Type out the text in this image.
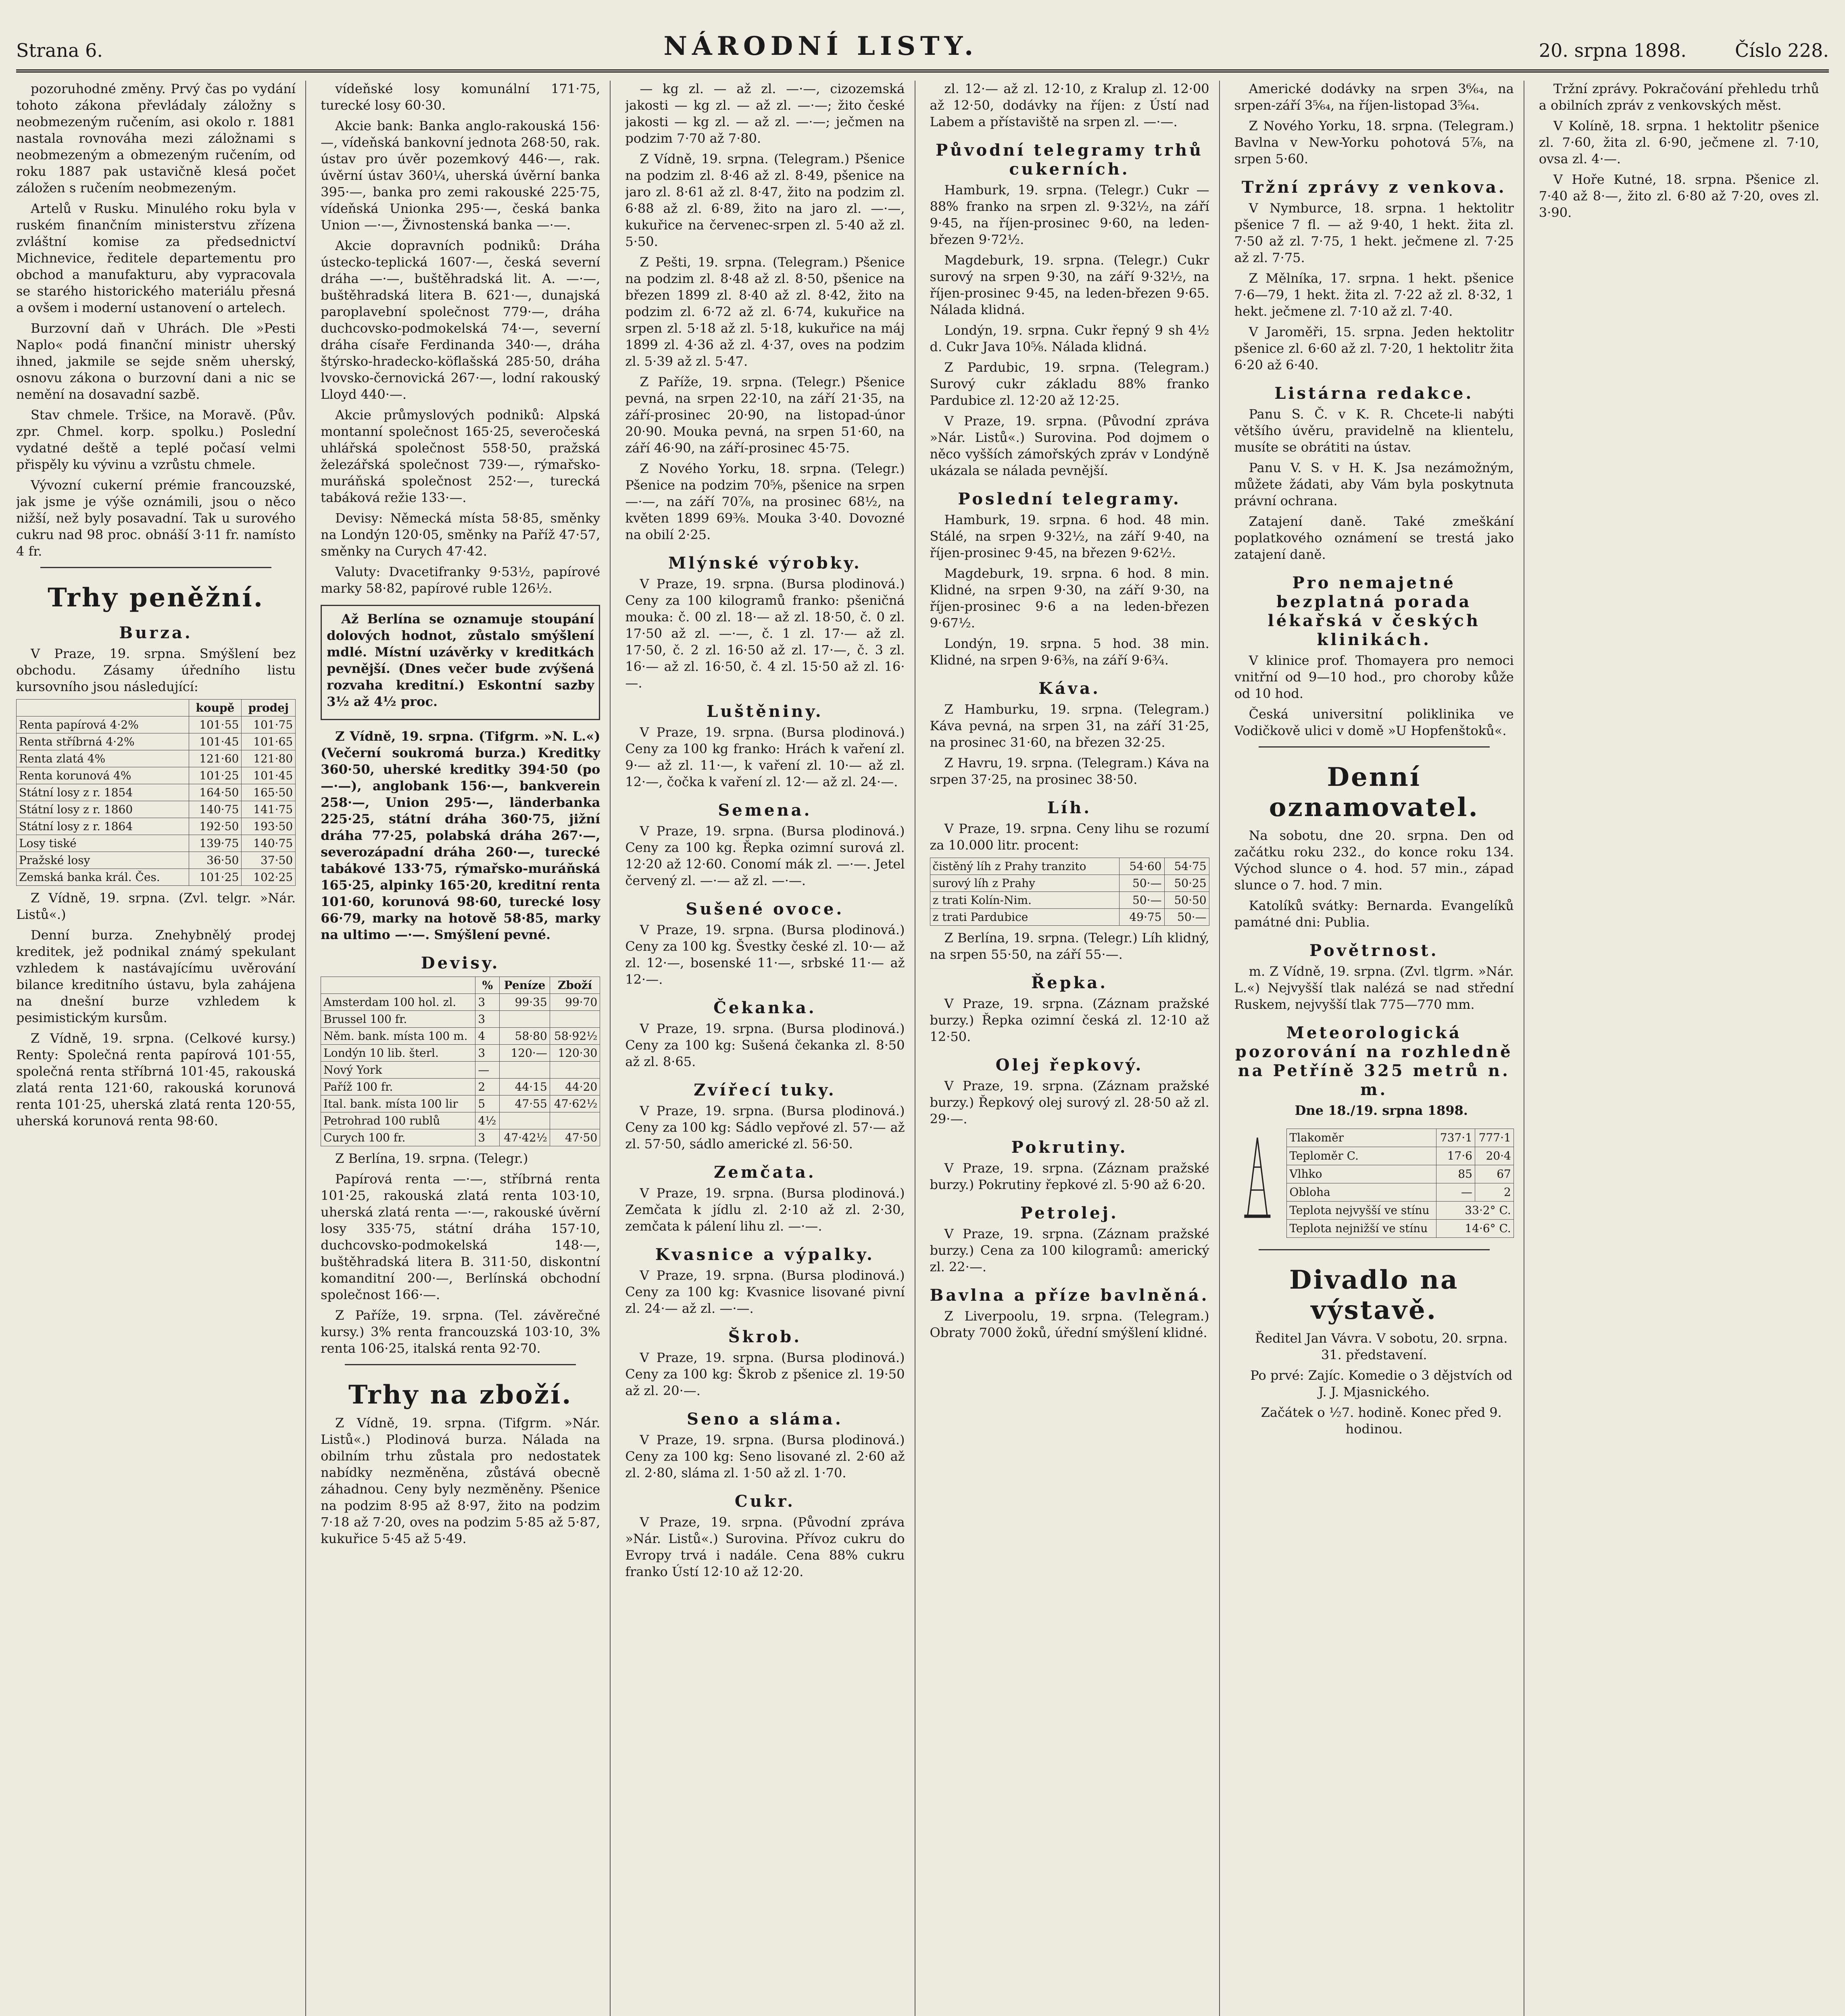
Strana 6.	NÁRODNÍ LISTY.	20. srpna 1898.	Číslo 228.

pozoruhodné změny. Prvý čas po vydání tohoto zákona převládaly záložny s neobmezeným ručením, asi okolo r. 1881 nastala rovnováha mezi záložnami s neobmezeným a obmezeným ručením, od roku 1887 pak ustavičně klesá počet záložen s ručením neobmezeným.

Artelů v Rusku. Minulého roku byla v ruském finančním ministerstvu zřízena zvláštní komise za předsednictví Michnevice, ředitele departementu pro obchod a manufakturu, aby vypracovala se starého historického materiálu přesná a ovšem i moderní ustanovení o artelech.

Burzovní daň v Uhrách. Dle »Pesti Naplo« podá finanční ministr uherský ihned, jakmile se sejde sněm uherský, osnovu zákona o burzovní dani a nic se nemění na dosavadní sazbě.

Stav chmele. Tršice, na Moravě. (Pův. zpr. Chmel. korp. spolku.) Poslední vydatné deště a teplé počasí velmi přispěly ku vývinu a vzrůstu chmele.

Vývozní cukerní prémie francouzské, jak jsme je výše oznámili, jsou o něco nižší, než byly posavadní. Tak u surového cukru nad 98 proc. obnáší 3·11 fr. namísto 4 fr.

Trhy peněžní.
Burza.

V Praze, 19. srpna. Smýšlení bez obchodu. Zásamy úředního listu kursovního jsou následující:

	koupě	prodej
Renta papírová 4·2%	101·55	101·75
Renta stříbrná 4·2%	101·45	101·65
Renta zlatá 4%	121·60	121·80
Renta korunová 4%	101·25	101·45
Státní losy z r. 1854	164·50	165·50
Státní losy z r. 1860	140·75	141·75
Státní losy z r. 1864	192·50	193·50
Losy tiské	139·75	140·75
Pražské losy	36·50	37·50
Zemská banka král. Čes.	101·25	102·25

Z Vídně, 19. srpna. (Zvl. telgr. »Nár. Listů«.)

Denní burza. Znehybnělý prodej kreditek, jež podnikal známý spekulant vzhledem k nastávajícímu uvěrování bilance kreditního ústavu, byla zahájena na dnešní burze vzhledem k pesimistickým kursům.

Z Vídně, 19. srpna. (Celkové kursy.) Renty: Společná renta papírová 101·55, společná renta stříbrná 101·45, rakouská zlatá renta 121·60, rakouská korunová renta 101·25, uherská zlatá renta 120·55, uherská korunová renta 98·60.

vídeňské losy komunální 171·75, turecké losy 60·30.

Akcie bank: Banka anglo-rakouská 156·—, vídeňská bankovní jednota 268·50, rak. ústav pro úvěr pozemkový 446·—, rak. úvěrní ústav 360¼, uherská úvěrní banka 395·—, banka pro zemi rakouské 225·75, vídeňská Unionka 295·—, česká banka Union —·—, Živnostenská banka —·—.

Akcie dopravních podniků: Dráha ústecko-teplická 1607·—, česká severní dráha —·—, buštěhradská lit. A. —·—, buštěhradská litera B. 621·—, dunajská paroplavební společnost 779·—, dráha duchcovsko-podmokelská 74·—, severní dráha císaře Ferdinanda 340·—, dráha štýrsko-hradecko-köflašská 285·50, dráha lvovsko-černovická 267·—, lodní rakouský Lloyd 440·—.

Akcie průmyslových podniků: Alpská montanní společnost 165·25, severočeská uhlářská společnost 558·50, pražská železářská společnost 739·—, rýmařsko-muráňská společnost 252·—, turecká tabáková režie 133·—.

Devisy: Německá místa 58·85, směnky na Londýn 120·05, směnky na Paříž 47·57, směnky na Curych 47·42.

Valuty: Dvacetifranky 9·53½, papírové marky 58·82, papírové ruble 126½.

Až Berlína se oznamuje stoupání dolových hodnot, zůstalo smýšlení mdlé. Místní uzávěrky v kreditkách pevnější. (Dnes večer bude zvýšená rozvaha kreditní.) Eskontní sazby 3½ až 4½ proc.

Z Vídně, 19. srpna. (Tifgrm. »N. L.«) (Večerní soukromá burza.) Kreditky 360·50, uherské kreditky 394·50 (po —·—), anglobank 156·—, bankverein 258·—, Union 295·—, länderbanka 225·25, státní dráha 360·75, jižní dráha 77·25, polabská dráha 267·—, severozápadní dráha 260·—, turecké tabákové 133·75, rýmařsko-muráňská 165·25, alpinky 165·20, kreditní renta 101·60, korunová 98·60, turecké losy 66·79, marky na hotově 58·85, marky na ultimo —·—. Smýšlení pevné.

Devisy.
	%	Peníze	Zboží
Amsterdam 100 hol. zl.	3	99·35	99·70
Brussel 100 fr.	3		
Něm. bank. místa 100 m.	4	58·80	58·92½
Londýn 10 lib. šterl.	3	120·—	120·30
Nový York	—		
Paříž 100 fr.	2	44·15	44·20
Ital. bank. místa 100 lir	5	47·55	47·62½
Petrohrad 100 rublů	4½		
Curych 100 fr.	3	47·42½	47·50

Z Berlína, 19. srpna. (Telegr.)

Papírová renta —·—, stříbrná renta 101·25, rakouská zlatá renta 103·10, uherská zlatá renta —·—, rakouské úvěrní losy 335·75, státní dráha 157·10, duchcovsko-podmokelská 148·—, buštěhradská litera B. 311·50, diskontní komanditní 200·—, Berlínská obchodní společnost 166·—.

Z Paříže, 19. srpna. (Tel. závěrečné kursy.) 3% renta francouzská 103·10, 3% renta 106·25, italská renta 92·70.

Trhy na zboží.

Z Vídně, 19. srpna. (Tifgrm. »Nár. Listů«.) Plodinová burza. Nálada na obilním trhu zůstala pro nedostatek nabídky nezměněna, zůstává obecně záhadnou. Ceny byly nezměněny. Pšenice na podzim 8·95 až 8·97, žito na podzim 7·18 až 7·20, oves na podzim 5·85 až 5·87, kukuřice 5·45 až 5·49.

— kg zl. — až zl. —·—, cizozemská jakosti — kg zl. — až zl. —·—; žito české jakosti — kg zl. — až zl. —·—; ječmen na podzim 7·70 až 7·80.

Z Vídně, 19. srpna. (Telegram.) Pšenice na podzim zl. 8·46 až zl. 8·49, pšenice na jaro zl. 8·61 až zl. 8·47, žito na podzim zl. 6·88 až zl. 6·89, žito na jaro zl. —·—, kukuřice na červenec-srpen zl. 5·40 až zl. 5·50.

Z Pešti, 19. srpna. (Telegram.) Pšenice na podzim zl. 8·48 až zl. 8·50, pšenice na březen 1899 zl. 8·40 až zl. 8·42, žito na podzim zl. 6·72 až zl. 6·74, kukuřice na srpen zl. 5·18 až zl. 5·18, kukuřice na máj 1899 zl. 4·36 až zl. 4·37, oves na podzim zl. 5·39 až zl. 5·47.

Z Paříže, 19. srpna. (Telegr.) Pšenice pevná, na srpen 22·10, na září 21·35, na září-prosinec 20·90, na listopad-únor 20·90. Mouka pevná, na srpen 51·60, na září 46·90, na září-prosinec 45·75.

Z Nového Yorku, 18. srpna. (Telegr.) Pšenice na podzim 70⅝, pšenice na srpen —·—, na září 70⅞, na prosinec 68½, na květen 1899 69⅜. Mouka 3·40. Dovozné na obilí 2·25.

Mlýnské výrobky.

V Praze, 19. srpna. (Bursa plodinová.) Ceny za 100 kilogramů franko: pšeničná mouka: č. 00 zl. 18·— až zl. 18·50, č. 0 zl. 17·50 až zl. —·—, č. 1 zl. 17·— až zl. 17·50, č. 2 zl. 16·50 až zl. 17·—, č. 3 zl. 16·— až zl. 16·50, č. 4 zl. 15·50 až zl. 16·—.

Luštěniny.

V Praze, 19. srpna. (Bursa plodinová.) Ceny za 100 kg franko: Hrách k vaření zl. 9·— až zl. 11·—, k vaření zl. 10·— až zl. 12·—, čočka k vaření zl. 12·— až zl. 24·—.

Semena.

V Praze, 19. srpna. (Bursa plodinová.) Ceny za 100 kg. Řepka ozimní surová zl. 12·20 až 12·60. Conomí mák zl. —·—. Jetel červený zl. —·— až zl. —·—.

Sušené ovoce.

V Praze, 19. srpna. (Bursa plodinová.) Ceny za 100 kg. Švestky české zl. 10·— až zl. 12·—, bosenské 11·—, srbské 11·— až 12·—.

Čekanka.

V Praze, 19. srpna. (Bursa plodinová.) Ceny za 100 kg: Sušená čekanka zl. 8·50 až zl. 8·65.

Zvířecí tuky.

V Praze, 19. srpna. (Bursa plodinová.) Ceny za 100 kg: Sádlo vepřové zl. 57·— až zl. 57·50, sádlo americké zl. 56·50.

Zemčata.

V Praze, 19. srpna. (Bursa plodinová.) Zemčata k jídlu zl. 2·10 až zl. 2·30, zemčata k pálení lihu zl. —·—.

Kvasnice a výpalky.

V Praze, 19. srpna. (Bursa plodinová.) Ceny za 100 kg: Kvasnice lisované pivní zl. 24·— až zl. —·—.

Škrob.

V Praze, 19. srpna. (Bursa plodinová.) Ceny za 100 kg: Škrob z pšenice zl. 19·50 až zl. 20·—.

Seno a sláma.

V Praze, 19. srpna. (Bursa plodinová.) Ceny za 100 kg: Seno lisované zl. 2·60 až zl. 2·80, sláma zl. 1·50 až zl. 1·70.

Cukr.

V Praze, 19. srpna. (Původní zpráva »Nár. Listů«.) Surovina. Přívoz cukru do Evropy trvá i nadále. Cena 88% cukru franko Ústí 12·10 až 12·20.

zl. 12·— až zl. 12·10, z Kralup zl. 12·00 až 12·50, dodávky na říjen: z Ústí nad Labem a přístaviště na srpen zl. —·—.

Původní telegramy trhů cukerních.

Hamburk, 19. srpna. (Telegr.) Cukr — 88% franko na srpen zl. 9·32½, na září 9·45, na říjen-prosinec 9·60, na leden-březen 9·72½.

Magdeburk, 19. srpna. (Telegr.) Cukr surový na srpen 9·30, na září 9·32½, na říjen-prosinec 9·45, na leden-březen 9·65. Nálada klidná.

Londýn, 19. srpna. Cukr řepný 9 sh 4½ d. Cukr Java 10⅝. Nálada klidná.

Z Pardubic, 19. srpna. (Telegram.) Surový cukr základu 88% franko Pardubice zl. 12·20 až 12·25.

V Praze, 19. srpna. (Původní zpráva »Nár. Listů«.) Surovina. Pod dojmem o něco vyšších zámořských zpráv v Londýně ukázala se nálada pevnější.

Poslední telegramy.

Hamburk, 19. srpna. 6 hod. 48 min. Stálé, na srpen 9·32½, na září 9·40, na říjen-prosinec 9·45, na březen 9·62½.

Magdeburk, 19. srpna. 6 hod. 8 min. Klidné, na srpen 9·30, na září 9·30, na říjen-prosinec 9·6 a na leden-březen 9·67½.

Londýn, 19. srpna. 5 hod. 38 min. Klidné, na srpen 9·6⅜, na září 9·6¾.

Káva.

Z Hamburku, 19. srpna. (Telegram.) Káva pevná, na srpen 31, na září 31·25, na prosinec 31·60, na březen 32·25.

Z Havru, 19. srpna. (Telegram.) Káva na srpen 37·25, na prosinec 38·50.

Líh.

V Praze, 19. srpna. Ceny lihu se rozumí za 10.000 litr. procent:

čistěný líh z Prahy tranzito	54·60	54·75
surový líh z Prahy	50·—	50·25
z trati Kolín-Nim.	50·—	50·50
z trati Pardubice	49·75	50·—

Z Berlína, 19. srpna. (Telegr.) Líh klidný, na srpen 55·50, na září 55·—.

Řepka.

V Praze, 19. srpna. (Záznam pražské burzy.) Řepka ozimní česká zl. 12·10 až 12·50.

Olej řepkový.

V Praze, 19. srpna. (Záznam pražské burzy.) Řepkový olej surový zl. 28·50 až zl. 29·—.

Pokrutiny.

V Praze, 19. srpna. (Záznam pražské burzy.) Pokrutiny řepkové zl. 5·90 až 6·20.

Petrolej.

V Praze, 19. srpna. (Záznam pražské burzy.) Cena za 100 kilogramů: americký zl. 22·—.

Bavlna a příze bavlněná.

Z Liverpoolu, 19. srpna. (Telegram.) Obraty 7000 žoků, úřední smýšlení klidné.

Americké dodávky na srpen 3⁶⁄₆₄, na srpen-září 3⁵⁄₆₄, na říjen-listopad 3⁵⁄₆₄.

Z Nového Yorku, 18. srpna. (Telegram.) Bavlna v New-Yorku pohotová 5⅞, na srpen 5·60.

Tržní zprávy z venkova.

V Nymburce, 18. srpna. 1 hektolitr pšenice 7 fl. — až 9·40, 1 hekt. žita zl. 7·50 až zl. 7·75, 1 hekt. ječmene zl. 7·25 až zl. 7·75.

Z Mělníka, 17. srpna. 1 hekt. pšenice 7·6—79, 1 hekt. žita zl. 7·22 až zl. 8·32, 1 hekt. ječmene zl. 7·10 až zl. 7·40.

V Jaroměři, 15. srpna. Jeden hektolitr pšenice zl. 6·60 až zl. 7·20, 1 hektolitr žita 6·20 až 6·40.

Listárna redakce.

Panu S. Č. v K. R. Chcete-li nabýti většího úvěru, pravidelně na klientelu, musíte se obrátiti na ústav.

Panu V. S. v H. K. Jsa nezámožným, můžete žádati, aby Vám byla poskytnuta právní ochrana.

Zatajení daně. Také zmeškání poplatkového oznámení se trestá jako zatajení daně.

Pro nemajetné bezplatná porada lékařská v českých klinikách.

V klinice prof. Thomayera pro nemoci vnitřní od 9—10 hod., pro choroby kůže od 10 hod.

Česká universitní poliklinika ve Vodičkově ulici v domě »U Hopfenštoků«.

Denní oznamovatel.

Na sobotu, dne 20. srpna. Den od začátku roku 232., do konce roku 134. Východ slunce o 4. hod. 57 min., západ slunce o 7. hod. 7 min.

Katolíků svátky: Bernarda. Evangelíků památné dni: Publia.

Povětrnost.

m. Z Vídně, 19. srpna. (Zvl. tlgrm. »Nár. L.«) Nejvyšší tlak nalézá se nad střední Ruskem, nejvyšší tlak 775—770 mm.

Meteorologická pozorování na rozhledně na Petříně 325 metrů n. m.

Dne 18./19. srpna 1898.

Tlakoměr	737·1	777·1
Teploměr C.	17·6	20·4
Vlhko	85	67
Obloha	—	2
Teplota nejvyšší ve stínu	33·2° C.	
Teplota nejnižší ve stínu	14·6° C.	
Divadlo na výstavě.

Ředitel Jan Vávra. V sobotu, 20. srpna. 31. představení.

Po prvé: Zajíc. Komedie o 3 dějstvích od J. J. Mjasnického.

Začátek o ½7. hodině. Konec před 9. hodinou.

Tržní zprávy. Pokračování přehledu trhů a obilních zpráv z venkovských měst.

V Kolíně, 18. srpna. 1 hektolitr pšenice zl. 7·60, žita zl. 6·90, ječmene zl. 7·10, ovsa zl. 4·—.

V Hoře Kutné, 18. srpna. Pšenice zl. 7·40 až 8·—, žito zl. 6·80 až 7·20, oves zl. 3·90.
